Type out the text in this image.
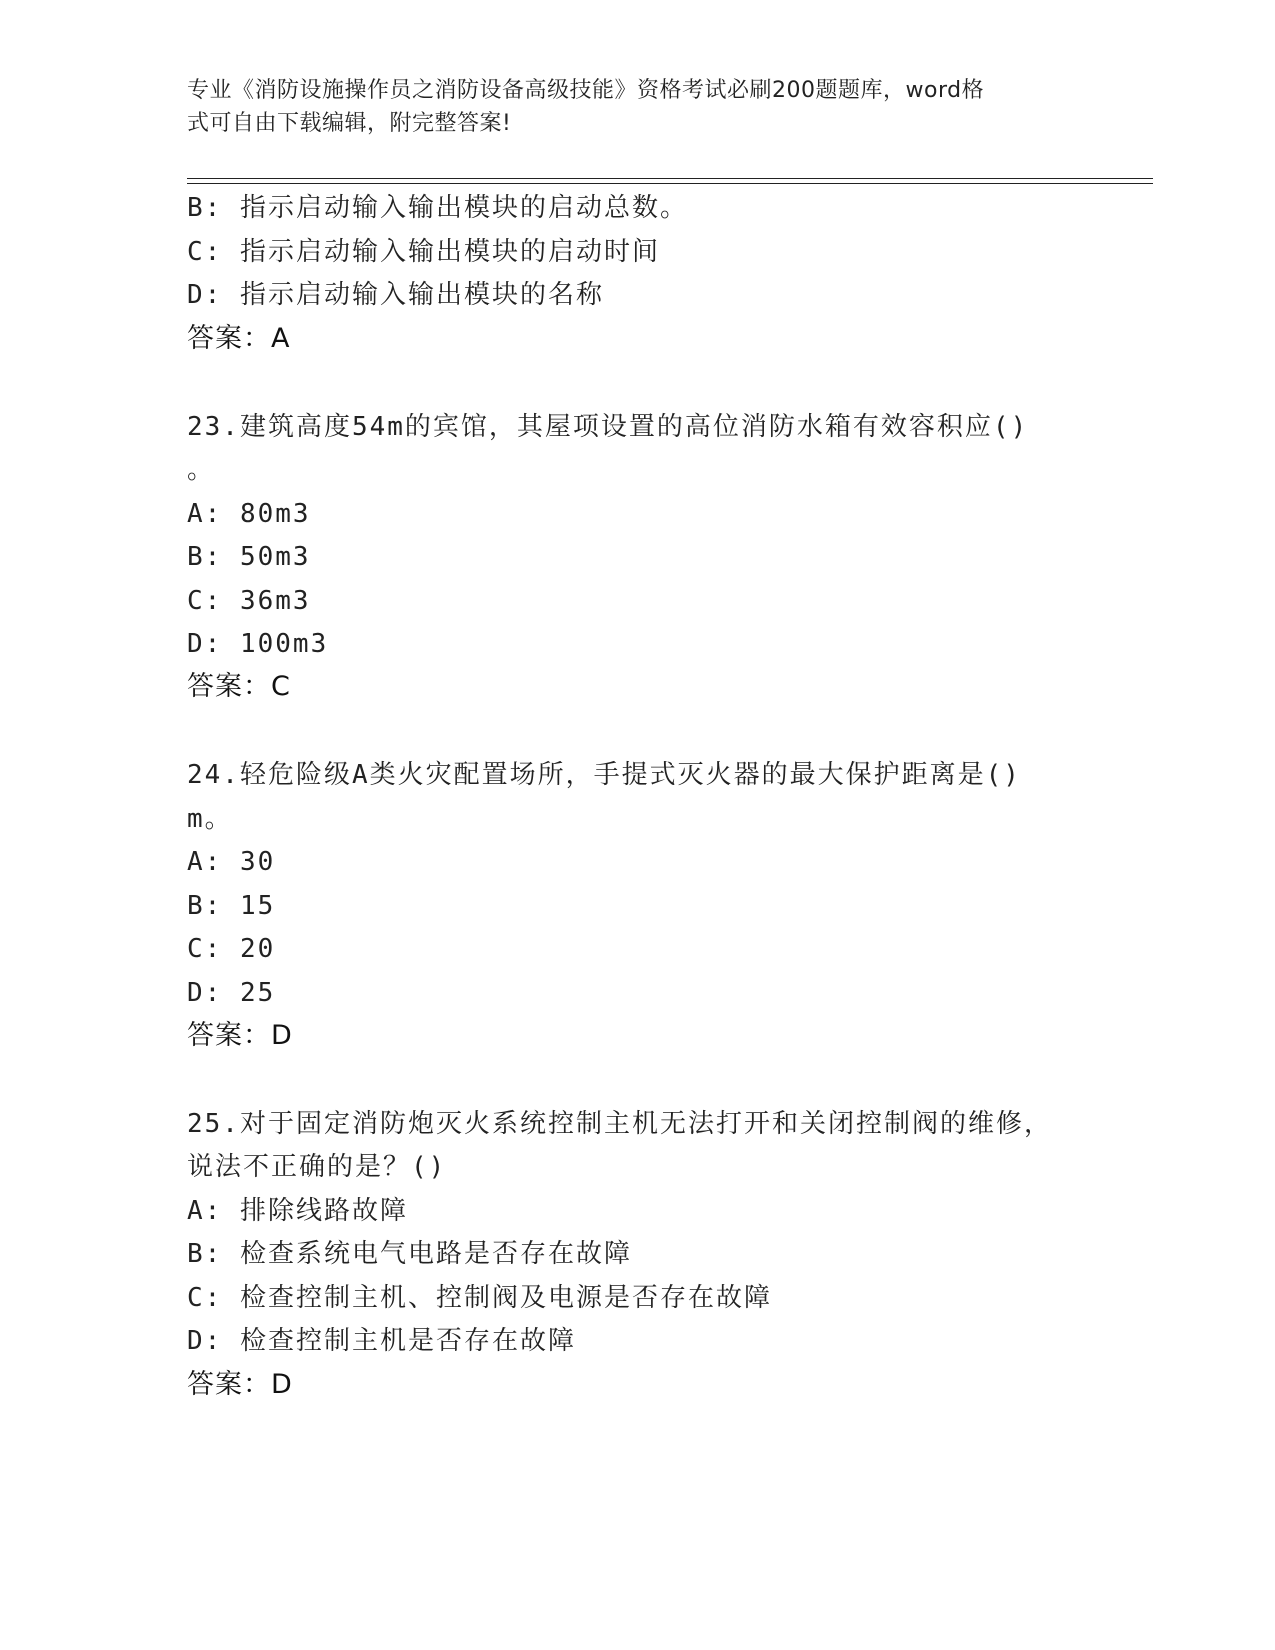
专业《消防设施操作员之消防设备高级技能》资格考试必刷200题题库，word格
式可自由下载编辑，附完整答案!
B: 指示启动输入输出模块的启动总数。
C: 指示启动输入输出模块的启动时间
D: 指示启动输入输出模块的名称
答案：A
23.建筑高度54m的宾馆，其屋项设置的高位消防水箱有效容积应()
。
A: 80m3
B: 50m3
C: 36m3
D: 100m3
答案：C
24.轻危险级A类火灾配置场所，手提式灭火器的最大保护距离是()
m。
A: 30
B: 15
C: 20
D: 25
答案：D
25.对于固定消防炮灭火系统控制主机无法打开和关闭控制阀的维修，
说法不正确的是？()
A: 排除线路故障
B: 检查系统电气电路是否存在故障
C: 检查控制主机、控制阀及电源是否存在故障
D: 检查控制主机是否存在故障
答案：D
